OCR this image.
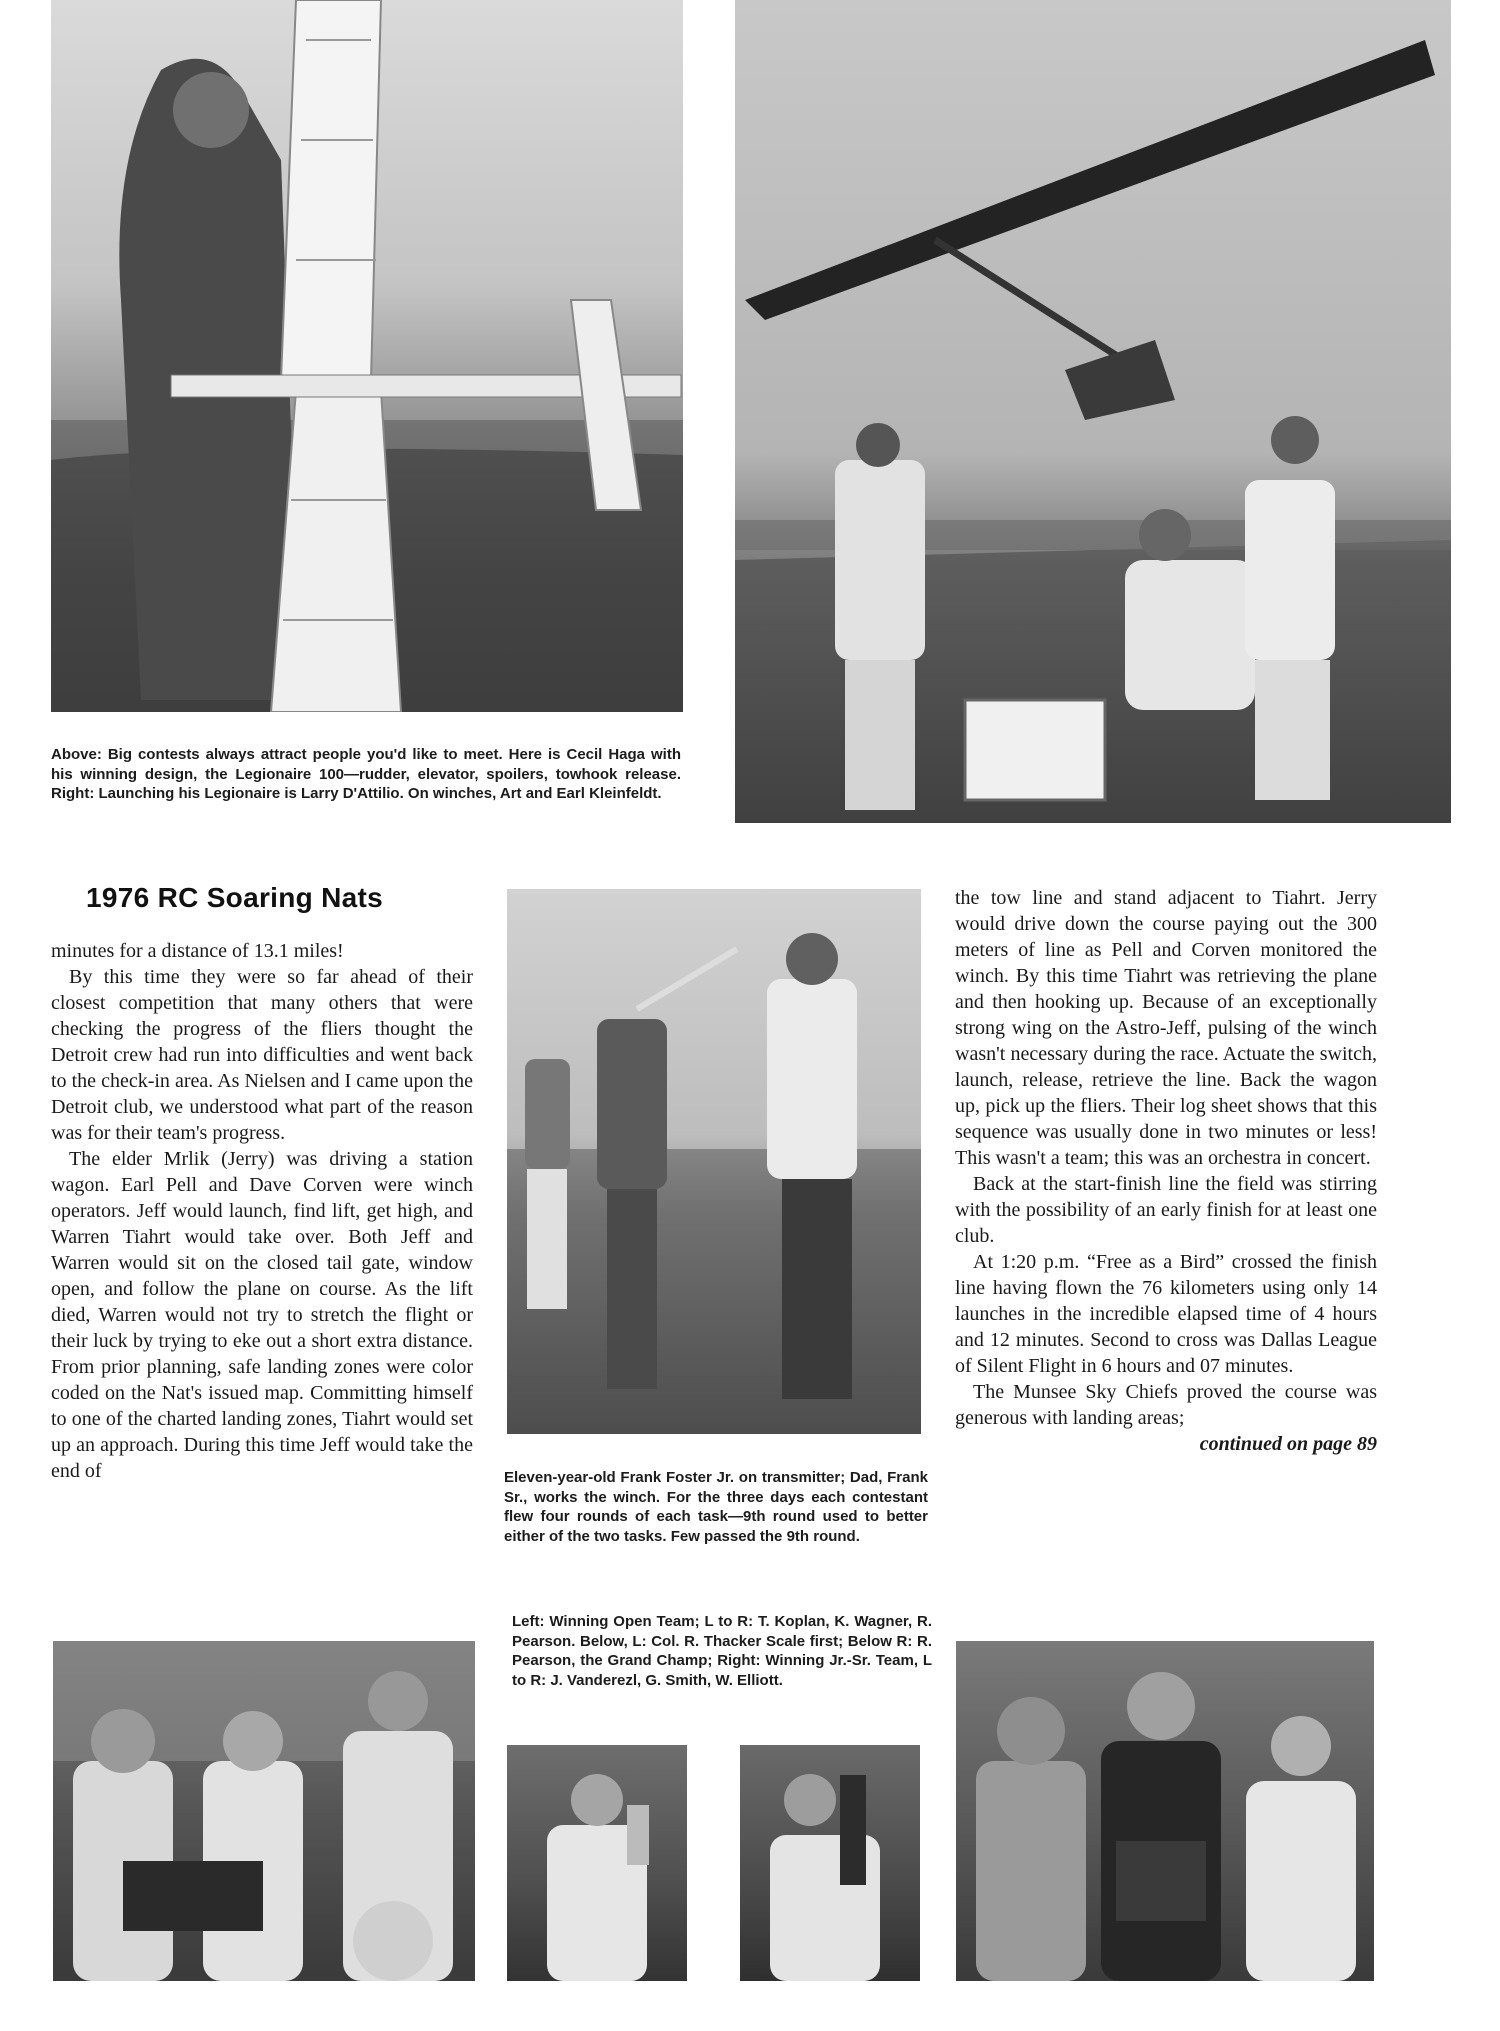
Above: Big contests always attract people you'd like to meet. Here is Cecil Haga with his winning design, the Legionaire 100—rudder, elevator, spoilers, towhook release. Right: Launching his Legionaire is Larry D'Attilio. On winches, Art and Earl Kleinfeldt.
1976 RC Soaring Nats

minutes for a distance of 13.1 miles!

By this time they were so far ahead of their closest competition that many others that were checking the progress of the fliers thought the Detroit crew had run into difficulties and went back to the check-in area. As Nielsen and I came upon the Detroit club, we understood what part of the reason was for their team's progress.

The elder Mrlik (Jerry) was driving a station wagon. Earl Pell and Dave Corven were winch operators. Jeff would launch, find lift, get high, and Warren Tiahrt would take over. Both Jeff and Warren would sit on the closed tail gate, window open, and follow the plane on course. As the lift died, Warren would not try to stretch the flight or their luck by trying to eke out a short extra distance. From prior planning, safe landing zones were color coded on the Nat's issued map. Committing himself to one of the charted landing zones, Tiahrt would set up an approach. During this time Jeff would take the end of	Eleven-year-old Frank Foster Jr. on transmitter; Dad, Frank Sr., works the winch. For the three days each contestant flew four rounds of each task—9th round used to better either of the two tasks. Few passed the 9th round.

the tow line and stand adjacent to Tiahrt. Jerry would drive down the course paying out the 300 meters of line as Pell and Corven monitored the winch. By this time Tiahrt was retrieving the plane and then hooking up. Because of an exceptionally strong wing on the Astro-Jeff, pulsing of the winch wasn't necessary during the race. Actuate the switch, launch, release, retrieve the line. Back the wagon up, pick up the fliers. Their log sheet shows that this sequence was usually done in two minutes or less! This wasn't a team; this was an orchestra in concert.

Back at the start-finish line the field was stirring with the possibility of an early finish for at least one club.

At 1:20 p.m. “Free as a Bird” crossed the finish line having flown the 76 kilometers using only 14 launches in the incredible elapsed time of 4 hours and 12 minutes. Second to cross was Dallas League of Silent Flight in 6 hours and 07 minutes.

The Munsee Sky Chiefs proved the course was generous with landing areas;

continued on page 89
Left: Winning Open Team; L to R: T. Koplan, K. Wagner, R. Pearson. Below, L: Col. R. Thacker Scale first; Below R: R. Pearson, the Grand Champ; Right: Winning Jr.-Sr. Team, L to R: J. Vanderezl, G. Smith, W. Elliott.
